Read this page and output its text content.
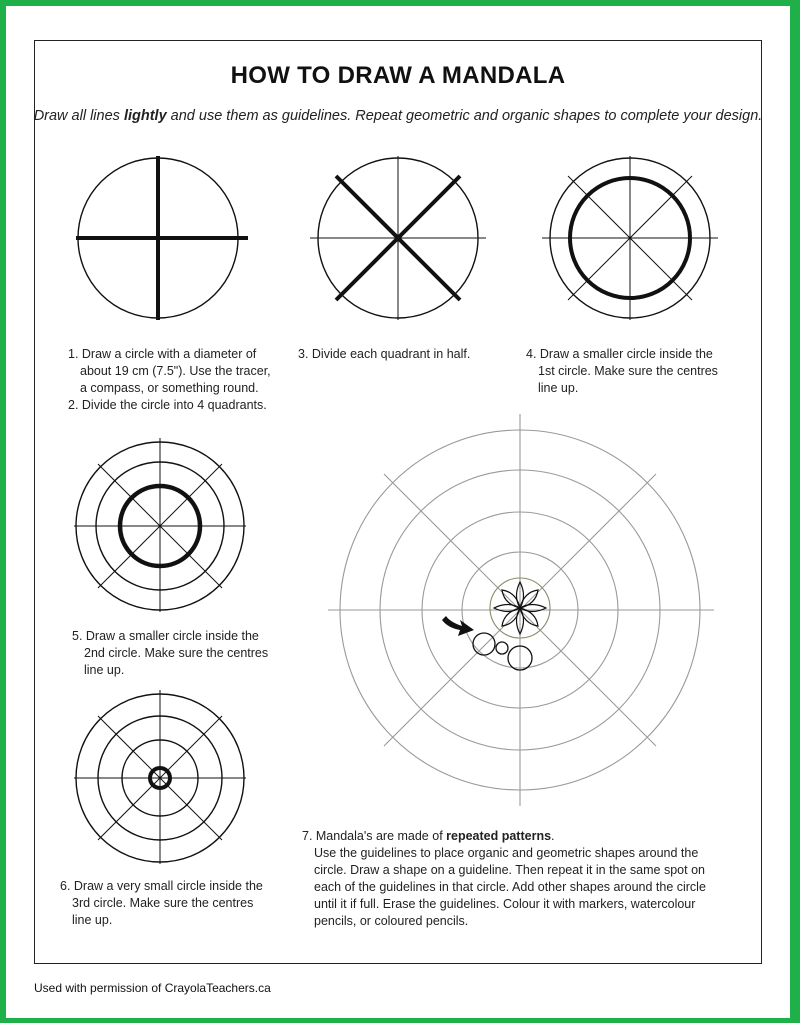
HOW TO DRAW A MANDALA
Draw all lines lightly and use them as guidelines. Repeat geometric and organic shapes to complete your design.
1. Draw a circle with a diameter of
about 19 cm (7.5"). Use the tracer,
a compass, or something round.
2. Divide the circle into 4 quadrants.
3. Divide each quadrant in half.	4. Draw a smaller circle inside the
1st circle. Make sure the centres
line up.
5. Draw a smaller circle inside the
2nd circle. Make sure the centres
line up.
6. Draw a very small circle inside the
3rd circle. Make sure the centres
line up.
7. Mandala's are made of repeated patterns.
Use the guidelines to place organic and geometric shapes around the
circle. Draw a shape on a guideline. Then repeat it in the same spot on
each of the guidelines in that circle. Add other shapes around the circle
until it if full. Erase the guidelines. Colour it with markers, watercolour
pencils, or coloured pencils.
Used with permission of CrayolaTeachers.ca
